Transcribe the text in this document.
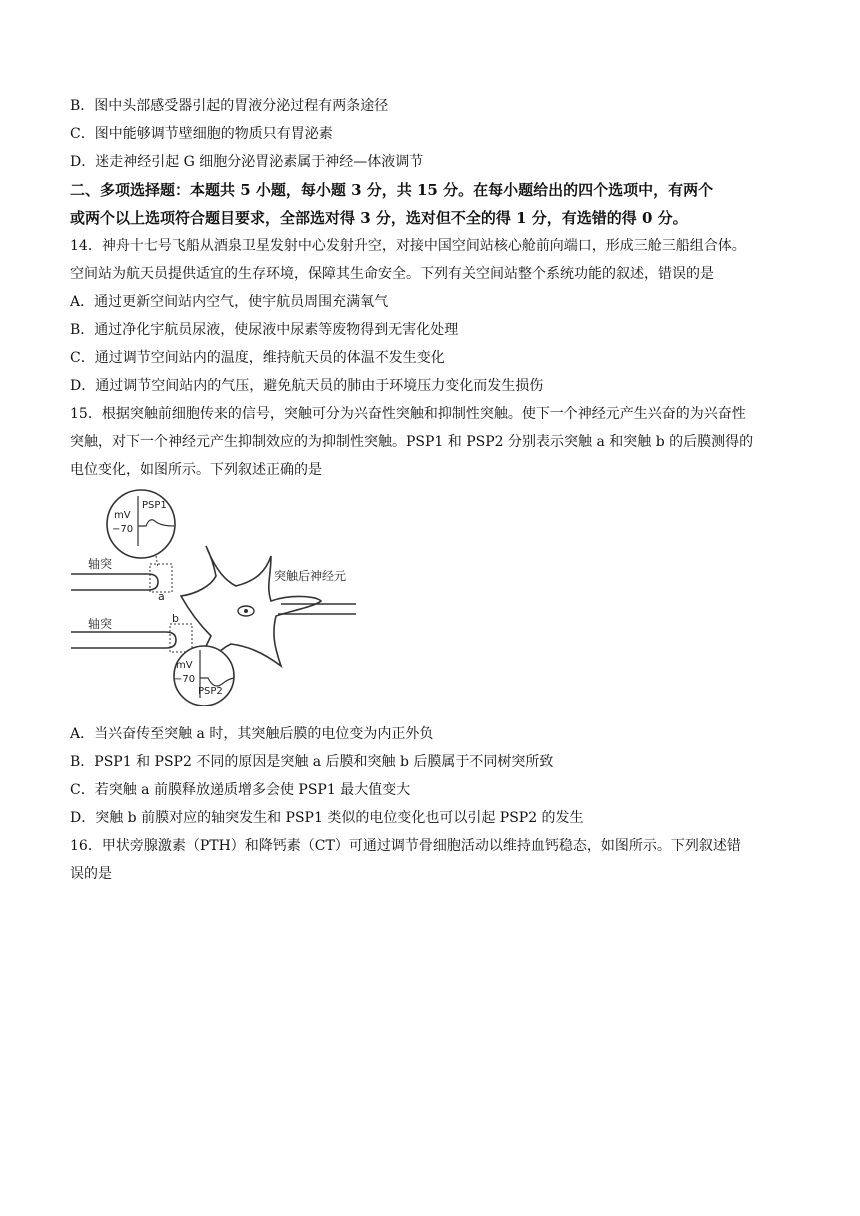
B．图中头部感受器引起的胃液分泌过程有两条途径
C．图中能够调节壁细胞的物质只有胃泌素
D．迷走神经引起 G 细胞分泌胃泌素属于神经—体液调节
二、多项选择题：本题共 5 小题，每小题 3 分，共 15 分。在每小题给出的四个选项中，有两个
或两个以上选项符合题目要求，全部选对得 3 分，选对但不全的得 1 分，有选错的得 0 分。
14．神舟十七号飞船从酒泉卫星发射中心发射升空，对接中国空间站核心舱前向端口，形成三舱三船组合体。
空间站为航天员提供适宜的生存环境，保障其生命安全。下列有关空间站整个系统功能的叙述，错误的是
A．通过更新空间站内空气，使宇航员周围充满氧气
B．通过净化宇航员尿液，使尿液中尿素等废物得到无害化处理
C．通过调节空间站内的温度，维持航天员的体温不发生变化
D．通过调节空间站内的气压，避免航天员的肺由于环境压力变化而发生损伤
15．根据突触前细胞传来的信号，突触可分为兴奋性突触和抑制性突触。使下一个神经元产生兴奋的为兴奋性
突触，对下一个神经元产生抑制效应的为抑制性突触。PSP1 和 PSP2 分别表示突触 a 和突触 b 的后膜测得的
电位变化，如图所示。下列叙述正确的是
mV
PSP1
−70
mV
−70
PSP2
轴突
a
轴突	b
突触后神经元
A．当兴奋传至突触 a 时，其突触后膜的电位变为内正外负
B．PSP1 和 PSP2 不同的原因是突触 a 后膜和突触 b 后膜属于不同树突所致
C．若突触 a 前膜释放递质增多会使 PSP1 最大值变大
D．突触 b 前膜对应的轴突发生和 PSP1 类似的电位变化也可以引起 PSP2 的发生
16．甲状旁腺激素（PTH）和降钙素（CT）可通过调节骨细胞活动以维持血钙稳态，如图所示。下列叙述错
误的是
